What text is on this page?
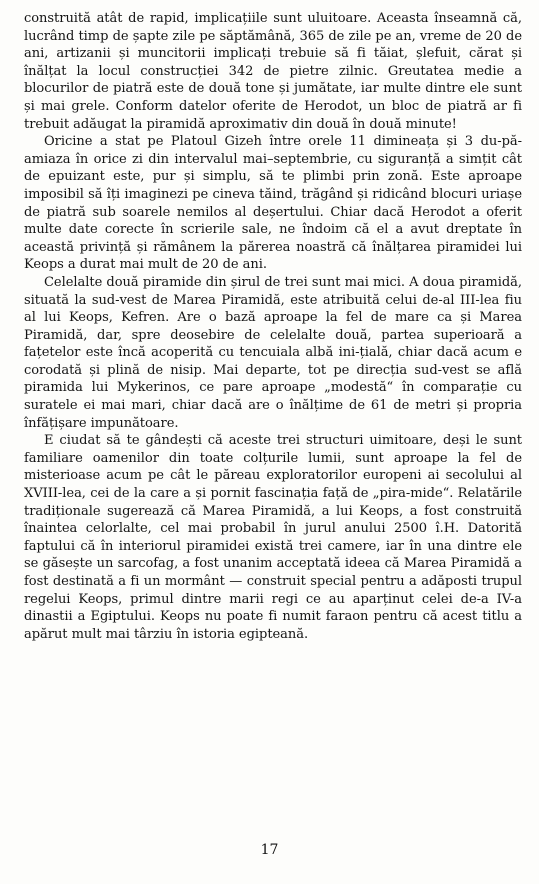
construită atât de rapid, implicațiile sunt uluitoare. Aceasta înseamnă că, lucrând timp de șapte zile pe săptămână, 365 de zile pe an, vreme de 20 de ani, artizanii și muncitorii implicați trebuie să fi tăiat, șlefuit, cărat și înălțat la locul construcției 342 de pietre zilnic. Greutatea medie a blocurilor de piatră este de două tone și jumătate, iar multe dintre ele sunt și mai grele. Conform datelor oferite de Herodot, un bloc de piatră ar fi trebuit adăugat la piramidă aproximativ din două în două minute!

Oricine a stat pe Platoul Gizeh între orele 11 dimineața și 3 du-pă-amiaza în orice zi din intervalul mai–septembrie, cu siguranță a simțit cât de epuizant este, pur și simplu, să te plimbi prin zonă. Este aproape imposibil să îți imaginezi pe cineva tăind, trăgând și ridicând blocuri uriașe de piatră sub soarele nemilos al deșertului. Chiar dacă Herodot a oferit multe date corecte în scrierile sale, ne îndoim că el a avut dreptate în această privință și rămânem la părerea noastră că înălțarea piramidei lui Keops a durat mai mult de 20 de ani.

Celelalte două piramide din șirul de trei sunt mai mici. A doua piramidă, situată la sud-vest de Marea Piramidă, este atribuită celui de-al III-lea fiu al lui Keops, Kefren. Are o bază aproape la fel de mare ca și Marea Piramidă, dar, spre deosebire de celelalte două, partea superioară a fațetelor este încă acoperită cu tencuiala albă ini-țială, chiar dacă acum e corodată și plină de nisip. Mai departe, tot pe direcția sud-vest se află piramida lui Mykerinos, ce pare aproape „modestă“ în comparație cu suratele ei mai mari, chiar dacă are o înălțime de 61 de metri și propria înfățișare impunătoare.

E ciudat să te gândești că aceste trei structuri uimitoare, deși le sunt familiare oamenilor din toate colțurile lumii, sunt aproape la fel de misterioase acum pe cât le păreau exploratorilor europeni ai secolului al XVIII-lea, cei de la care a și pornit fascinația față de „pira-mide“. Relatările tradiționale sugerează că Marea Piramidă, a lui Keops, a fost construită înaintea celorlalte, cel mai probabil în jurul anului 2500 î.H. Datorită faptului că în interiorul piramidei există trei camere, iar în una dintre ele se găsește un sarcofag, a fost unanim acceptată ideea că Marea Piramidă a fost destinată a fi un mormânt — construit special pentru a adăposti trupul regelui Keops, primul dintre marii regi ce au aparținut celei de-a IV-a dinastii a Egiptului. Keops nu poate fi numit faraon pentru că acest titlu a apărut mult mai târziu în istoria egipteană.

17
